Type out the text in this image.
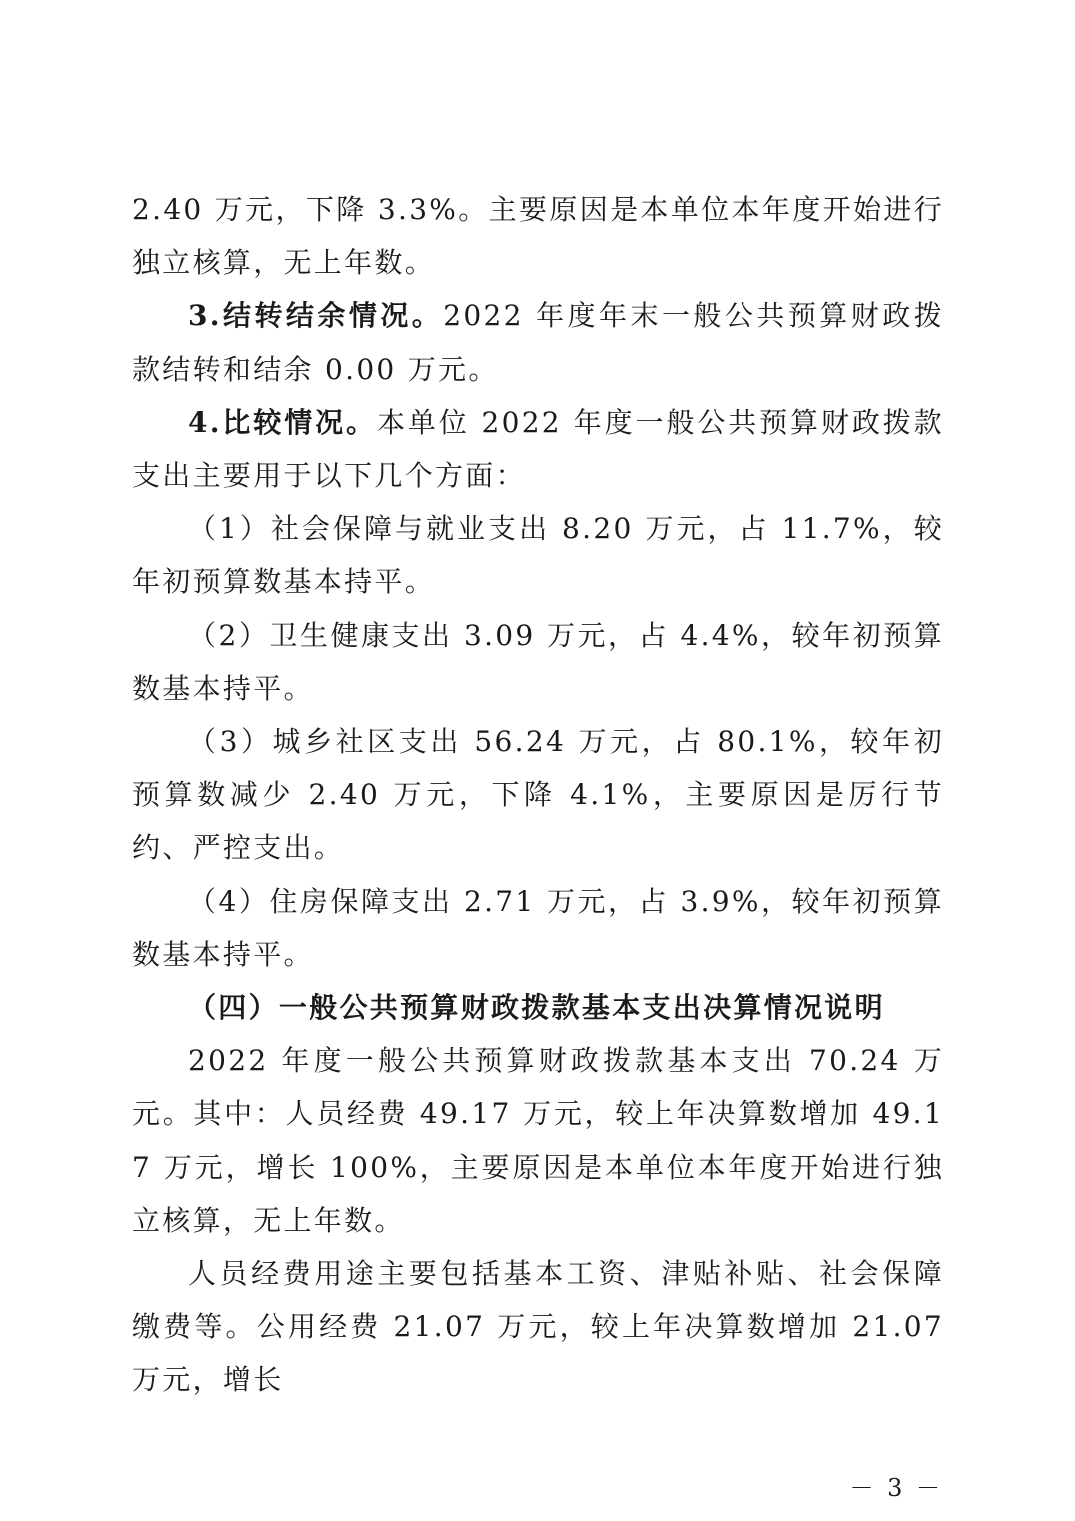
2.40 万元，下降 3.3%。主要原因是本单位本年度开始进行独立核算，无上年数。

3.结转结余情况。2022 年度年末一般公共预算财政拨款结转和结余 0.00 万元。

4.比较情况。本单位 2022 年度一般公共预算财政拨款支出主要用于以下几个方面：

（1）社会保障与就业支出 8.20 万元，占 11.7%，较年初预算数基本持平。

（2）卫生健康支出 3.09 万元，占 4.4%，较年初预算数基本持平。

（3）城乡社区支出 56.24 万元，占 80.1%，较年初预算数减少 2.40 万元，下降 4.1%，主要原因是厉行节约、严控支出。

（4）住房保障支出 2.71 万元，占 3.9%，较年初预算数基本持平。

（四）一般公共预算财政拨款基本支出决算情况说明

2022 年度一般公共预算财政拨款基本支出 70.24 万元。其中：人员经费 49.17 万元，较上年决算数增加 49.17 万元，增长 100%，主要原因是本单位本年度开始进行独立核算，无上年数。

人员经费用途主要包括基本工资、津贴补贴、社会保障缴费等。公用经费 21.07 万元，较上年决算数增加 21.07 万元，增长

－ 3 －
